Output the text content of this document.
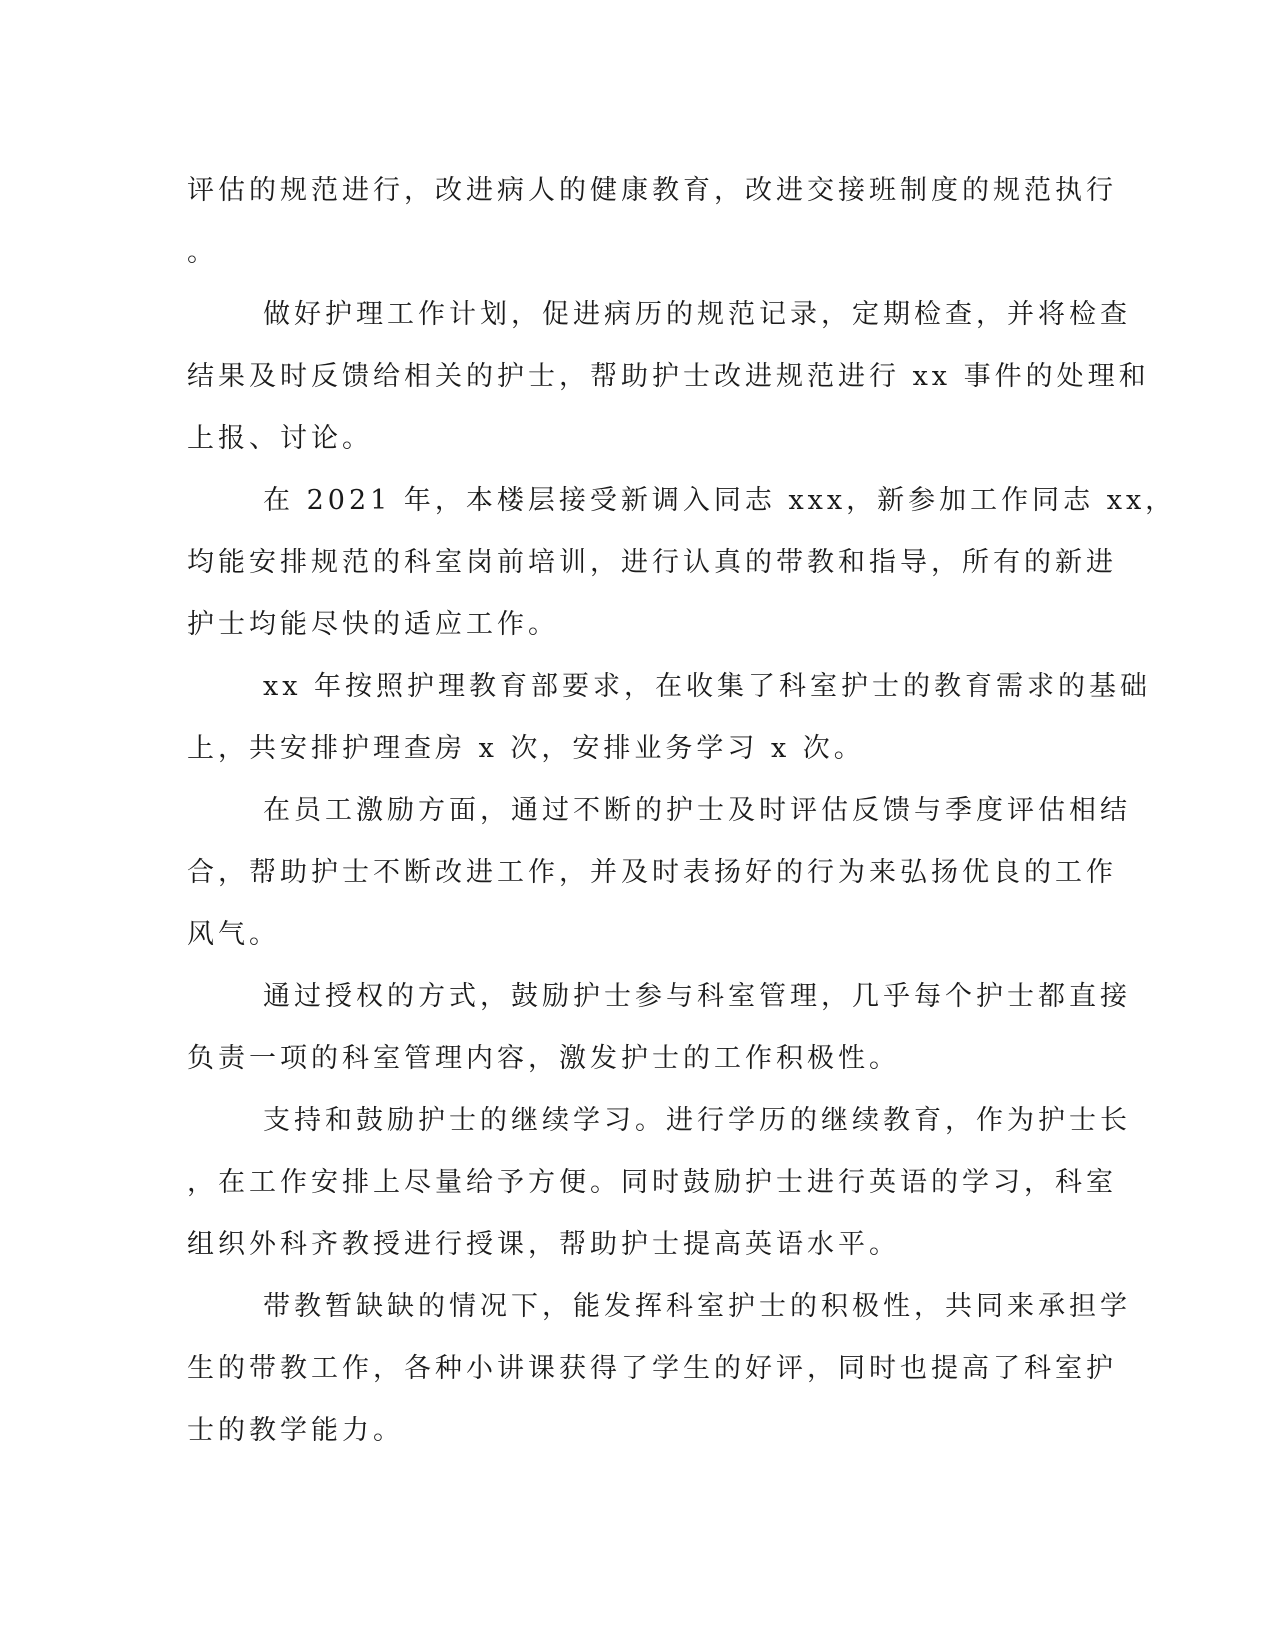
评估的规范进行，改进病人的健康教育，改进交接班制度的规范执行
。
做好护理工作计划，促进病历的规范记录，定期检查，并将检查
结果及时反馈给相关的护士，帮助护士改进规范进行 xx 事件的处理和
上报、讨论。
在 2021 年，本楼层接受新调入同志 xxx，新参加工作同志 xx，
均能安排规范的科室岗前培训，进行认真的带教和指导，所有的新进
护士均能尽快的适应工作。
xx 年按照护理教育部要求，在收集了科室护士的教育需求的基础
上，共安排护理查房 x 次，安排业务学习 x 次。
在员工激励方面，通过不断的护士及时评估反馈与季度评估相结
合，帮助护士不断改进工作，并及时表扬好的行为来弘扬优良的工作
风气。
通过授权的方式，鼓励护士参与科室管理，几乎每个护士都直接
负责一项的科室管理内容，激发护士的工作积极性。
支持和鼓励护士的继续学习。进行学历的继续教育，作为护士长
，在工作安排上尽量给予方便。同时鼓励护士进行英语的学习，科室
组织外科齐教授进行授课，帮助护士提高英语水平。
带教暂缺缺的情况下，能发挥科室护士的积极性，共同来承担学
生的带教工作，各种小讲课获得了学生的好评，同时也提高了科室护
士的教学能力。
